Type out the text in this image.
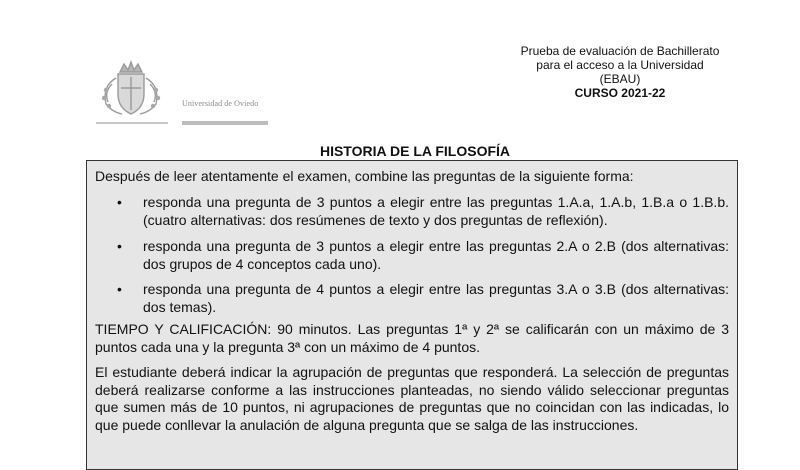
Universidad de Oviedo
Prueba de evaluación de Bachillerato
para el acceso a la Universidad
(EBAU)
CURSO 2021-22
HISTORIA DE LA FILOSOFÍA
Después de leer atentamente el examen, combine las preguntas de la siguiente forma:
• responda una pregunta de 3 puntos a elegir entre las preguntas 1.A.a, 1.A.b, 1.B.a o 1.B.b. (cuatro alternativas: dos resúmenes de texto y dos preguntas de reflexión).
• responda una pregunta de 3 puntos a elegir entre las preguntas 2.A o 2.B (dos alternativas: dos grupos de 4 conceptos cada uno).
• responda una pregunta de 4 puntos a elegir entre las preguntas 3.A o 3.B (dos alternativas: dos temas).
TIEMPO Y CALIFICACIÓN: 90 minutos. Las preguntas 1ª y 2ª se calificarán con un máximo de 3 puntos cada una y la pregunta 3ª con un máximo de 4 puntos.
El estudiante deberá indicar la agrupación de preguntas que responderá. La selección de preguntas deberá realizarse conforme a las instrucciones planteadas, no siendo válido seleccionar preguntas que sumen más de 10 puntos, ni agrupaciones de preguntas que no coincidan con las indicadas, lo que puede conllevar la anulación de alguna pregunta que se salga de las instrucciones.
